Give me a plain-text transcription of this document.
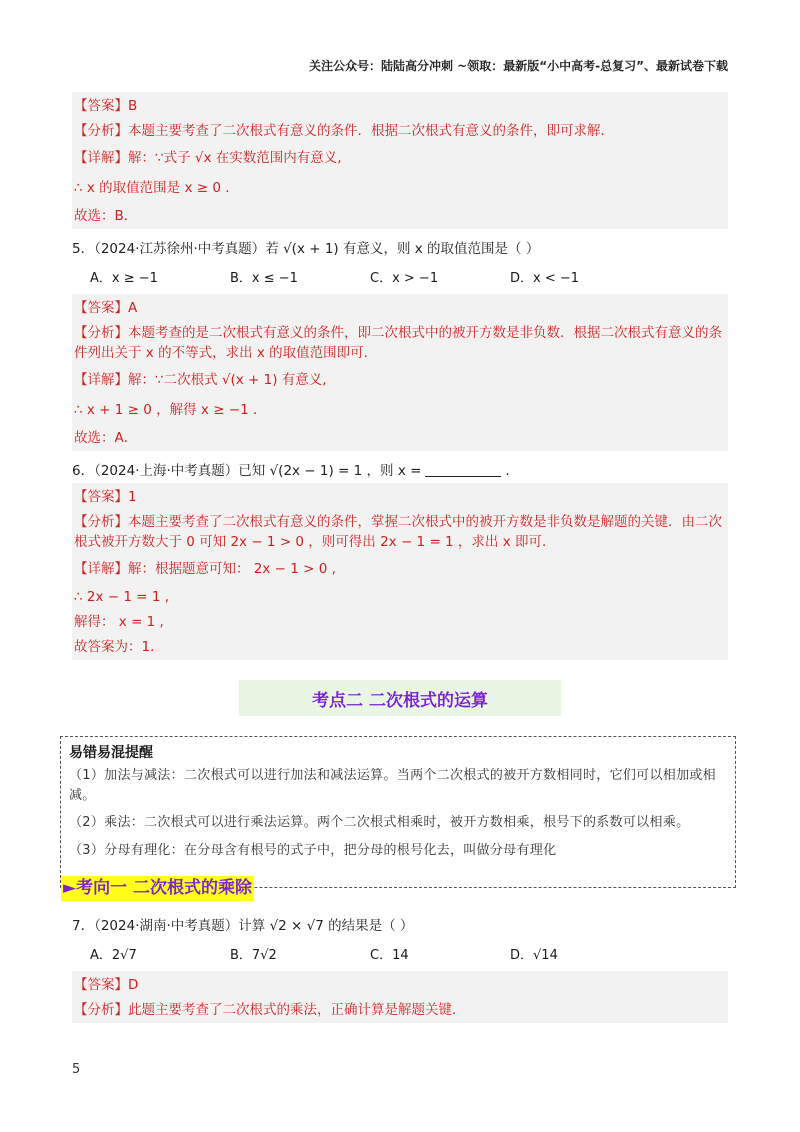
关注公众号：陆陆高分冲刺 ~领取：最新版“小中高考-总复习”、最新试卷下载
【答案】B
【分析】本题主要考查了二次根式有意义的条件．根据二次根式有意义的条件，即可求解．
【详解】解：∵式子 √x 在实数范围内有意义,
∴ x 的取值范围是 x ≥ 0 ．
故选：B．
5．（2024·江苏徐州·中考真题）若 √(x + 1) 有意义，则 x 的取值范围是（ ）
A．x ≥ −1	B．x ≤ −1	C．x > −1	D．x < −1
【答案】A
【分析】本题考查的是二次根式有意义的条件，即二次根式中的被开方数是非负数．根据二次根式有意义的条件列出关于 x 的不等式，求出 x 的取值范围即可．
【详解】解：∵二次根式 √(x + 1) 有意义,
∴ x + 1 ≥ 0 ，解得 x ≥ −1 ．
故选：A．
6．（2024·上海·中考真题）已知 √(2x − 1) = 1 ，则 x =	．
【答案】1
【分析】本题主要考查了二次根式有意义的条件，掌握二次根式中的被开方数是非负数是解题的关键．由二次根式被开方数大于 0 可知 2x − 1 > 0 ，则可得出 2x − 1 = 1 ，求出 x 即可．
【详解】解：根据题意可知： 2x − 1 > 0 ,
∴ 2x − 1 = 1 ,
解得： x = 1 ,
故答案为：1．
考点二 二次根式的运算
易错易混提醒
（1）加法与减法：二次根式可以进行加法和减法运算。当两个二次根式的被开方数相同时，它们可以相加或相减。
（2）乘法：二次根式可以进行乘法运算。两个二次根式相乘时，被开方数相乘，根号下的系数可以相乘。
（3）分母有理化：在分母含有根号的式子中，把分母的根号化去，叫做分母有理化
►考向一 二次根式的乘除
7．（2024·湖南·中考真题）计算 √2 × √7 的结果是（ ）
A．2√7	B．7√2	C．14	D．√14
【答案】D
【分析】此题主要考查了二次根式的乘法，正确计算是解题关键．
5
